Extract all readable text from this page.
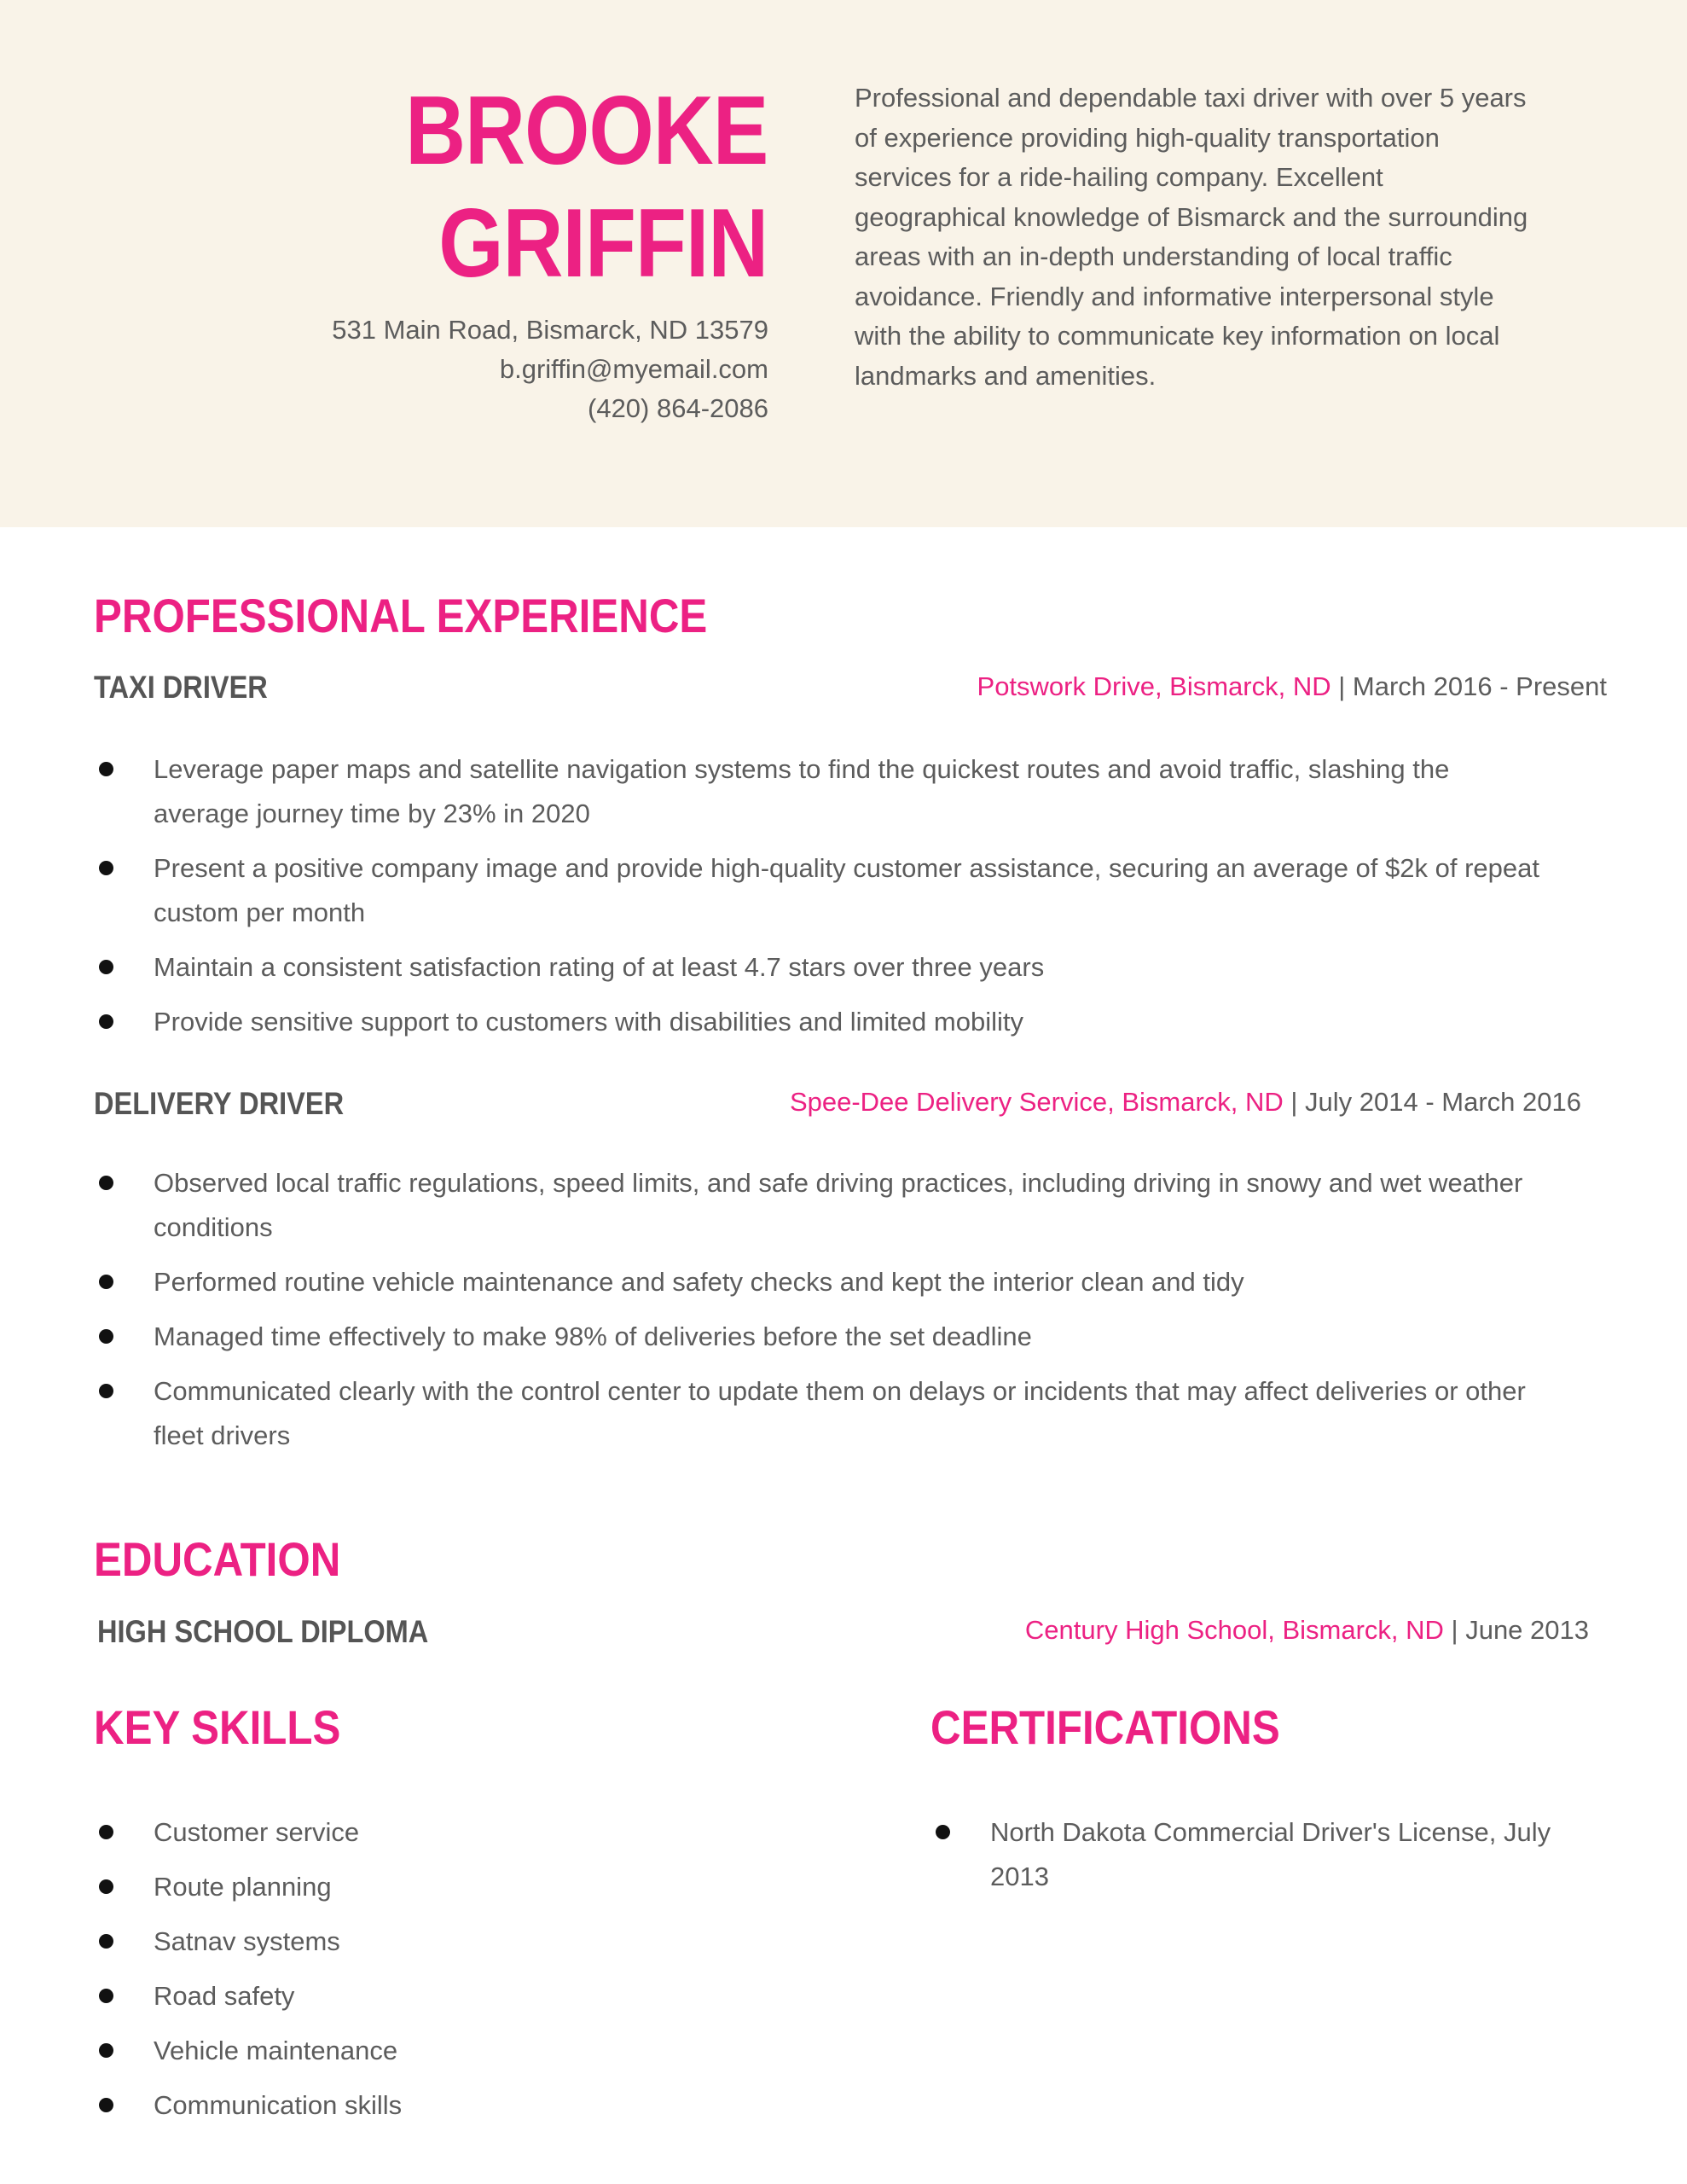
BROOKE
GRIFFIN
531 Main Road, Bismarck, ND 13579
b.griffin@myemail.com
(420) 864-2086

Professional and dependable taxi driver with over 5 years of experience providing high-quality transportation services for a ride-hailing company. Excellent geographical knowledge of Bismarck and the surrounding areas with an in-depth understanding of local traffic avoidance. Friendly and informative interpersonal style with the ability to communicate key information on local landmarks and amenities.

PROFESSIONAL EXPERIENCE
TAXI DRIVER	Potswork Drive, Bismarck, ND | March 2016 - Present
Leverage paper maps and satellite navigation systems to find the quickest routes and avoid traffic, slashing the average journey time by 23% in 2020
Present a positive company image and provide high-quality customer assistance, securing an average of $2k of repeat custom per month
Maintain a consistent satisfaction rating of at least 4.7 stars over three years
Provide sensitive support to customers with disabilities and limited mobility
DELIVERY DRIVER	Spee-Dee Delivery Service, Bismarck, ND | July 2014 - March 2016
Observed local traffic regulations, speed limits, and safe driving practices, including driving in snowy and wet weather conditions
Performed routine vehicle maintenance and safety checks and kept the interior clean and tidy
Managed time effectively to make 98% of deliveries before the set deadline
Communicated clearly with the control center to update them on delays or incidents that may affect deliveries or other fleet drivers
EDUCATION
HIGH SCHOOL DIPLOMA	Century High School, Bismarck, ND | June 2013
KEY SKILLS
Customer service
Route planning
Satnav systems
Road safety
Vehicle maintenance
Communication skills
CERTIFICATIONS
North Dakota Commercial Driver's License, July 2013
